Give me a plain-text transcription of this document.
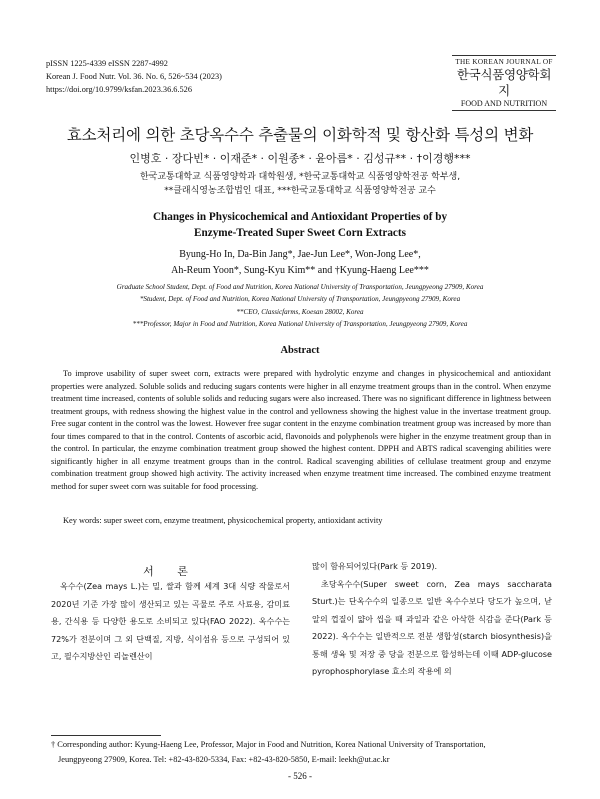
pISSN 1225-4339 eISSN 2287-4992
Korean J. Food Nutr. Vol. 36. No. 6, 526~534 (2023)
https://doi.org/10.9799/ksfan.2023.36.6.526
THE KOREAN JOURNAL OF
한국식품영양학회지
FOOD AND NUTRITION
효소처리에 의한 초당옥수수 추출물의 이화학적 및 항산화 특성의 변화
인병호 · 장다빈* · 이재준* · 이원종* · 윤아름* · 김성규** · †이경행***
한국교통대학교 식품영양학과 대학원생, *한국교통대학교 식품영양학전공 학부생,
**클래식영농조합법인 대표, ***한국교통대학교 식품영양학전공 교수
Changes in Physicochemical and Antioxidant Properties of by
Enzyme-Treated Super Sweet Corn Extracts
Byung-Ho In, Da-Bin Jang*, Jae-Jun Lee*, Won-Jong Lee*,
Ah-Reum Yoon*, Sung-Kyu Kim** and †Kyung-Haeng Lee***
Graduate School Student, Dept. of Food and Nutrition, Korea National University of Transportation, Jeungpyeong 27909, Korea
*Student, Dept. of Food and Nutrition, Korea National University of Transportation, Jeungpyeong 27909, Korea
**CEO, Classicfarms, Koesan 28002, Korea
***Professor, Major in Food and Nutrition, Korea National University of Transportation, Jeungpyeong 27909, Korea
Abstract

To improve usability of super sweet corn, extracts were prepared with hydrolytic enzyme and changes in physicochemical and antioxidant properties were analyzed. Soluble solids and reducing sugars contents were higher in all enzyme treatment groups than in the control. When enzyme treatment time increased, contents of soluble solids and reducing sugars were also increased. There was no significant difference in lightness between treatment groups, with redness showing the highest value in the control and yellowness showing the highest value in the invertase treatment group. Free sugar content in the control was the lowest. However free sugar content in the enzyme combination treatment group was increased by more than four times compared to that in the control. Contents of ascorbic acid, flavonoids and polyphenols were higher in the enzyme treatment group than in the control. In particular, the enzyme combination treatment group showed the highest content. DPPH and ABTS radical scavenging abilities were significantly higher in all enzyme treatment groups than in the control. Radical scavenging abilities of cellulase treatment group and enzyme combination treatment group showed high activity. The activity increased when enzyme treatment time increased. The combined enzyme treatment method for super sweet corn was suitable for food processing.

Key words: super sweet corn, enzyme treatment, physicochemical property, antioxidant activity
서 론

옥수수(Zea mays L.)는 밀, 쌀과 함께 세계 3대 식량 작물로서 2020년 기준 가장 많이 생산되고 있는 곡물로 주로 사료용, 감미료용, 간식용 등 다양한 용도로 소비되고 있다(FAO 2022). 옥수수는 72%가 전분이며 그 외 단백질, 지방, 식이섬유 등으로 구성되어 있고, 필수지방산인 리놀렌산이

많이 함유되어있다(Park 등 2019).

초당옥수수(Super sweet corn, Zea mays saccharata Sturt.)는 단옥수수의 일종으로 일반 옥수수보다 당도가 높으며, 낟알의 껍질이 얇아 씹을 때 과일과 같은 아삭한 식감을 준다(Park 등 2022). 옥수수는 일반적으로 전분 생합성(starch biosynthesis)을 통해 생육 및 저장 중 당을 전분으로 합성하는데 이때 ADP-glucose pyrophosphorylase 효소의 작용에 의

† Corresponding author: Kyung-Haeng Lee, Professor, Major in Food and Nutrition, Korea National University of Transportation,
Jeungpyeong 27909, Korea. Tel: +82-43-820-5334, Fax: +82-43-820-5850, E-mail: leekh@ut.ac.kr
- 526 -
